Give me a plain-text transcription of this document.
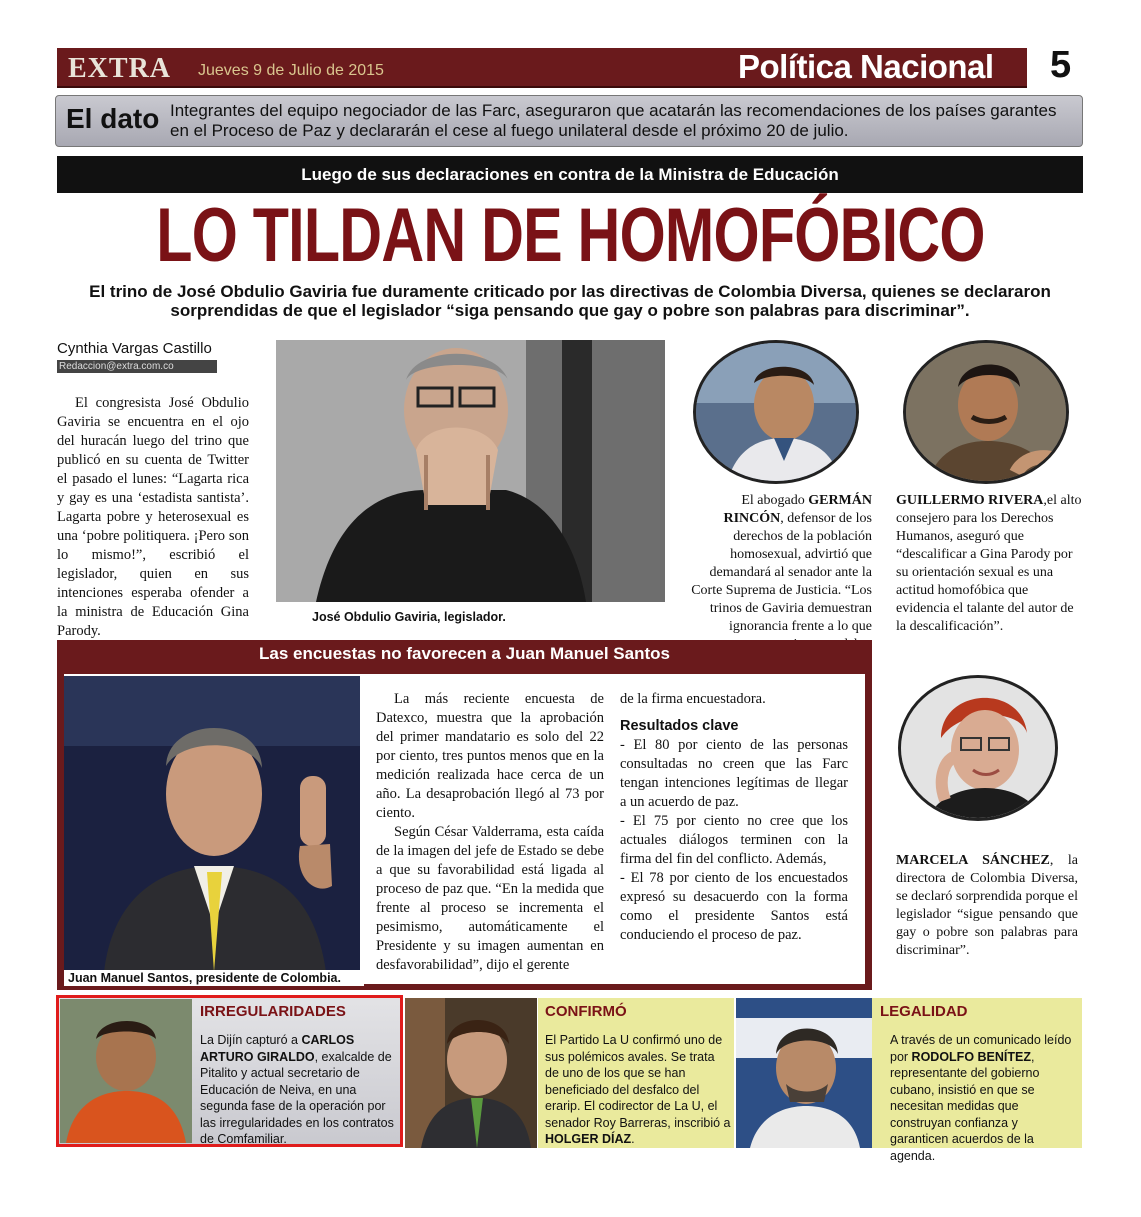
EXTRA Jueves 9 de Julio de 2015	Política Nacional 5
El dato Integrantes del equipo negociador de las Farc, aseguraron que acatarán las recomendaciones de los países garantes en el Proceso de Paz y declararán el cese al fuego unilateral desde el próximo 20 de julio.
Luego de sus declaraciones en contra de la Ministra de Educación
LO TILDAN DE HOMOFÓBICO
El trino de José Obdulio Gaviria fue duramente criticado por las directivas de Colombia Diversa, quienes se declararon sorprendidas de que el legislador “siga pensando que gay o pobre son palabras para discriminar”.
Cynthia Vargas Castillo
Redaccion@extra.com.co
El congresista José Obdulio Gaviria se encuentra en el ojo del huracán luego del trino que publicó en su cuenta de Twitter el pasado el lunes: “Lagarta rica y gay es una ‘estadista santista’. Lagarta pobre y heterosexual es una ‘pobre politiquera. ¡Pero son lo mismo!”, escribió el legislador, quien en sus intenciones esperaba ofender a la ministra de Educación Gina Parody.
José Obdulio Gaviria, legislador.
El abogado GERMÁN RINCÓN, defensor de los derechos de la población homosexual, advirtió que demandará al senador ante la Corte Suprema de Justicia. “Los trinos de Gaviria demuestran ignorancia frente a lo que
GUILLERMO RIVERA,el alto consejero para los Derechos Humanos, aseguró que “descalificar a Gina Parody por su orientación sexual es una actitud homofóbica que evidencia el talante del autor de la descalificación”.
MARCELA SÁNCHEZ, la directora de Colombia Diversa, se declaró sorprendida porque el legislador “sigue pensando que gay o pobre son palabras para discriminar”.
Las encuestas no favorecen a Juan Manuel Santos
Juan Manuel Santos, presidente de Colombia.

La más reciente encuesta de Datexco, muestra que la aprobación del primer mandatario es solo del 22 por ciento, tres puntos menos que en la medición realizada hace cerca de un año. La desaprobación llegó al 73 por ciento.

Según César Valderrama, esta caída de la imagen del jefe de Estado se debe a que su favorabilidad está ligada al proceso de paz que. “En la medida que frente al proceso se incrementa el pesimismo, automáticamente el Presidente y su imagen aumentan en desfavorabilidad”, dijo el gerente

de la firma encuestadora.

Resultados clave

- El 80 por ciento de las personas consultadas no creen que las Farc tengan intenciones legítimas de llegar a un acuerdo de paz.

- El 75 por ciento no cree que los actuales diálogos terminen con la firma del fin del conflicto. Además,

- El 78 por ciento de los encuestados expresó su desacuerdo con la forma como el presidente Santos está conduciendo el proceso de paz.

IRREGULARIDADES
La Dijín capturó a CARLOS ARTURO GIRALDO, exalcalde de Pitalito y actual secretario de Educación de Neiva, en una segunda fase de la operación por las irregularidades en los contratos de Comfamiliar.
CONFIRMÓ
El Partido La U confirmó uno de sus polémicos avales. Se trata de uno de los que se han beneficiado del desfalco del erarip. El codirector de La U, el senador Roy Barreras, inscribió a HOLGER DÍAZ.
LEGALIDAD
A través de un comunicado leído por RODOLFO BENÍTEZ, representante del gobierno cubano, insistió en que se necesitan medidas que construyan confianza y garanticen acuerdos de la agenda.
